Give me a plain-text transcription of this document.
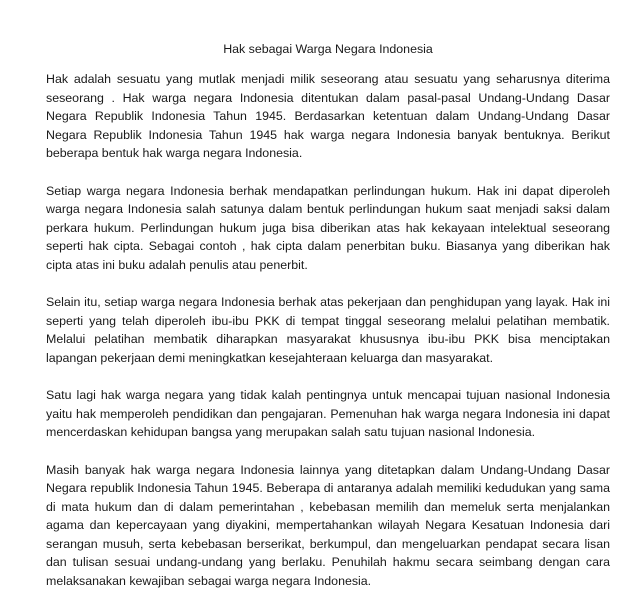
Hak sebagai Warga Negara Indonesia

Hak adalah sesuatu yang mutlak menjadi milik seseorang atau sesuatu yang seharusnya diterima seseorang . Hak warga negara Indonesia ditentukan dalam pasal-pasal Undang-Undang Dasar Negara Republik Indonesia Tahun 1945. Berdasarkan ketentuan dalam Undang-Undang Dasar Negara Republik Indonesia Tahun 1945 hak warga negara Indonesia banyak bentuknya. Berikut beberapa bentuk hak warga negara Indonesia.

Setiap warga negara Indonesia berhak mendapatkan perlindungan hukum. Hak ini dapat diperoleh warga negara Indonesia salah satunya dalam bentuk perlindungan hukum saat menjadi saksi dalam perkara hukum. Perlindungan hukum juga bisa diberikan atas hak kekayaan intelektual seseorang seperti hak cipta. Sebagai contoh , hak cipta dalam penerbitan buku. Biasanya yang diberikan hak cipta atas ini buku adalah penulis atau penerbit.

Selain itu, setiap warga negara Indonesia berhak atas pekerjaan dan penghidupan yang layak. Hak ini seperti yang telah diperoleh ibu-ibu PKK di tempat tinggal seseorang melalui pelatihan membatik. Melalui pelatihan membatik diharapkan masyarakat khususnya ibu-ibu PKK bisa menciptakan lapangan pekerjaan demi meningkatkan kesejahteraan keluarga dan masyarakat.

Satu lagi hak warga negara yang tidak kalah pentingnya untuk mencapai tujuan nasional Indonesia yaitu hak memperoleh pendidikan dan pengajaran. Pemenuhan hak warga negara Indonesia ini dapat mencerdaskan kehidupan bangsa yang merupakan salah satu tujuan nasional Indonesia.

Masih banyak hak warga negara Indonesia lainnya yang ditetapkan dalam Undang-Undang Dasar Negara republik Indonesia Tahun 1945. Beberapa di antaranya adalah memiliki kedudukan yang sama di mata hukum dan di dalam pemerintahan , kebebasan memilih dan memeluk serta menjalankan agama dan kepercayaan yang diyakini, mempertahankan wilayah Negara Kesatuan Indonesia dari serangan musuh, serta kebebasan berserikat, berkumpul, dan mengeluarkan pendapat secara lisan dan tulisan sesuai undang-undang yang berlaku. Penuhilah hakmu secara seimbang dengan cara melaksanakan kewajiban sebagai warga negara Indonesia.
